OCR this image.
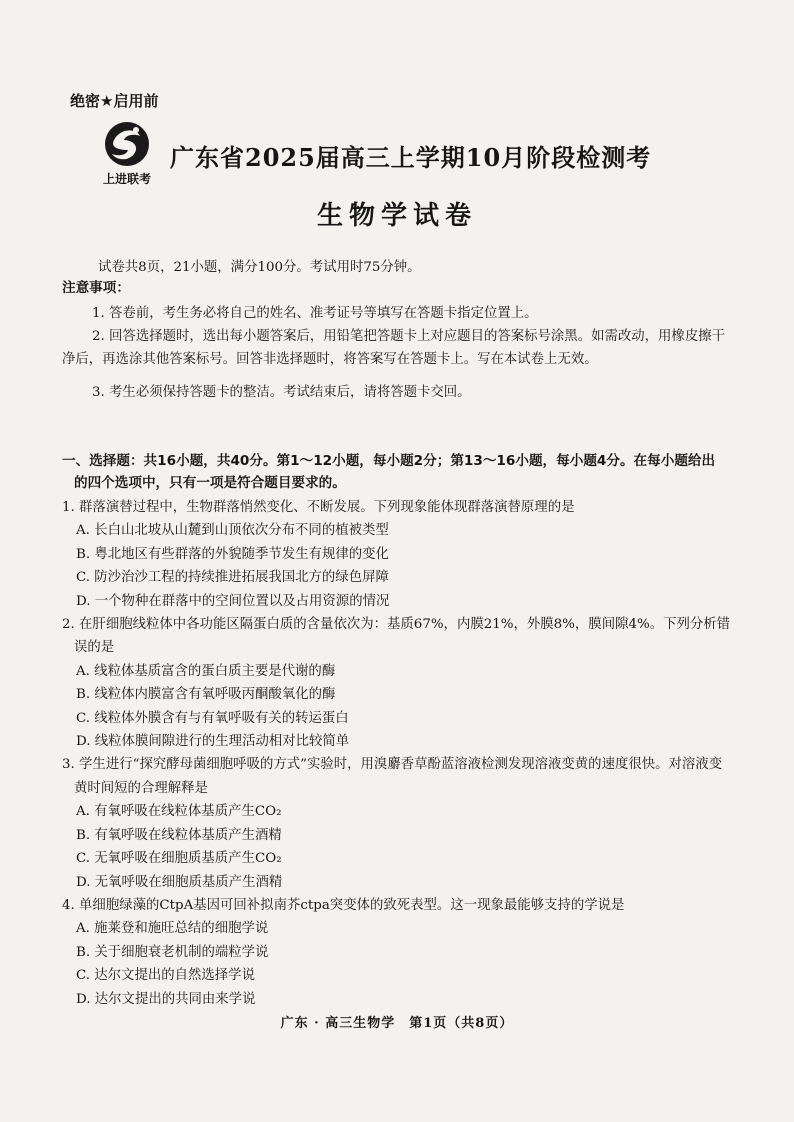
绝密★启用前
上进联考
广东省2025届高三上学期10月阶段检测考
生物学试卷
试卷共8页，21小题，满分100分。考试用时75分钟。
注意事项：

1. 答卷前，考生务必将自己的姓名、准考证号等填写在答题卡指定位置上。

2. 回答选择题时，选出每小题答案后，用铅笔把答题卡上对应题目的答案标号涂黑。如需改动，用橡皮擦干净后，再选涂其他答案标号。回答非选择题时，将答案写在答题卡上。写在本试卷上无效。

3. 考生必须保持答题卡的整洁。考试结束后，请将答题卡交回。

一、选择题：共16小题，共40分。第1～12小题，每小题2分；第13～16小题，每小题4分。在每小题给出的四个选项中，只有一项是符合题目要求的。

1. 群落演替过程中，生物群落悄然变化、不断发展。下列现象能体现群落演替原理的是

A. 长白山北坡从山麓到山顶依次分布不同的植被类型

B. 粤北地区有些群落的外貌随季节发生有规律的变化

C. 防沙治沙工程的持续推进拓展我国北方的绿色屏障

D. 一个物种在群落中的空间位置以及占用资源的情况

2. 在肝细胞线粒体中各功能区隔蛋白质的含量依次为：基质67%，内膜21%，外膜8%，膜间隙4%。下列分析错误的是

A. 线粒体基质富含的蛋白质主要是代谢的酶

B. 线粒体内膜富含有氧呼吸丙酮酸氧化的酶

C. 线粒体外膜含有与有氧呼吸有关的转运蛋白

D. 线粒体膜间隙进行的生理活动相对比较简单

3. 学生进行“探究酵母菌细胞呼吸的方式”实验时，用溴麝香草酚蓝溶液检测发现溶液变黄的速度很快。对溶液变黄时间短的合理解释是

A. 有氧呼吸在线粒体基质产生CO₂

B. 有氧呼吸在线粒体基质产生酒精

C. 无氧呼吸在细胞质基质产生CO₂

D. 无氧呼吸在细胞质基质产生酒精

4. 单细胞绿藻的CtpA基因可回补拟南芥ctpa突变体的致死表型。这一现象最能够支持的学说是

A. 施莱登和施旺总结的细胞学说

B. 关于细胞衰老机制的端粒学说

C. 达尔文提出的自然选择学说

D. 达尔文提出的共同由来学说

广东 · 高三生物学　第1页（共8页）
